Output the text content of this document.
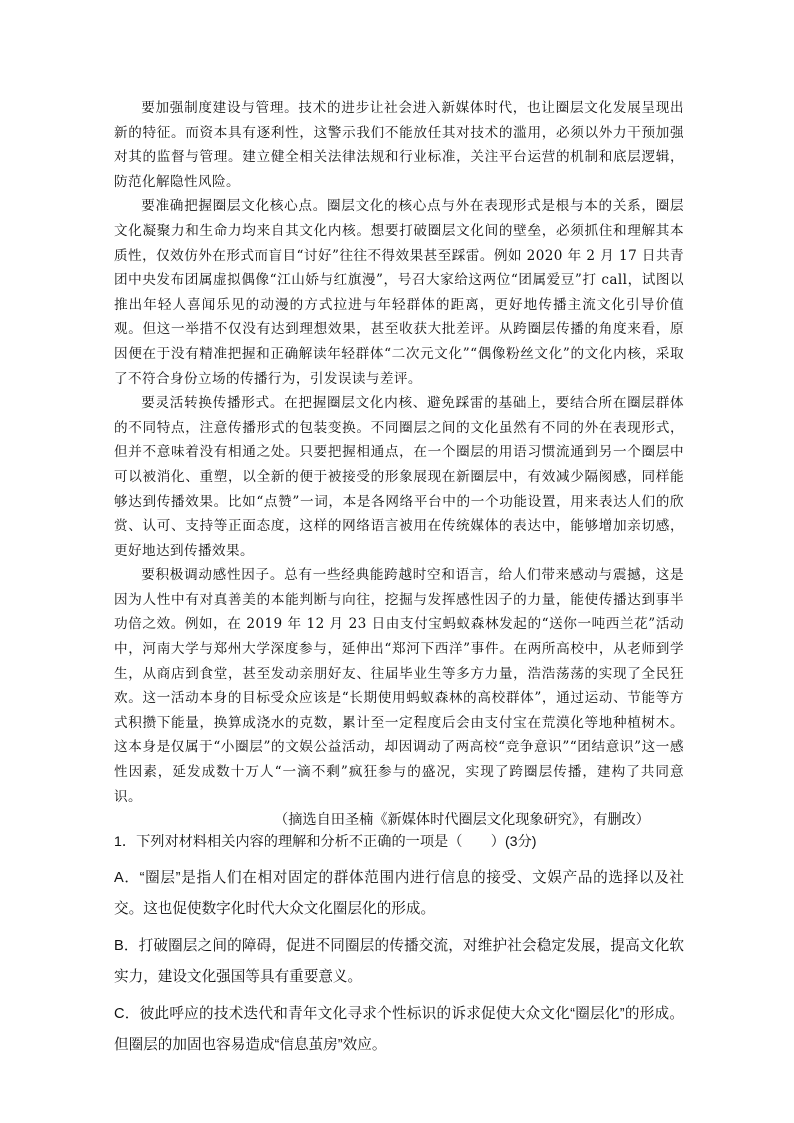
要加强制度建设与管理。技术的进步让社会进入新媒体时代，也让圈层文化发展呈现出新的特征。而资本具有逐利性，这警示我们不能放任其对技术的滥用，必须以外力干预加强对其的监督与管理。建立健全相关法律法规和行业标准，关注平台运营的机制和底层逻辑，防范化解隐性风险。

要准确把握圈层文化核心点。圈层文化的核心点与外在表现形式是根与本的关系，圈层文化凝聚力和生命力均来自其文化内核。想要打破圈层文化间的壁垒，必须抓住和理解其本质性，仅效仿外在形式而盲目“讨好”往往不得效果甚至踩雷。例如 2020 年 2 月 17 日共青团中央发布团属虚拟偶像“江山娇与红旗漫”，号召大家给这两位“团属爱豆”打 call，试图以推出年轻人喜闻乐见的动漫的方式拉进与年轻群体的距离，更好地传播主流文化引导价值观。但这一举措不仅没有达到理想效果，甚至收获大批差评。从跨圈层传播的角度来看，原因便在于没有精准把握和正确解读年轻群体“二次元文化”“偶像粉丝文化”的文化内核，采取了不符合身份立场的传播行为，引发误读与差评。

要灵活转换传播形式。在把握圈层文化内核、避免踩雷的基础上，要结合所在圈层群体的不同特点，注意传播形式的包装变换。不同圈层之间的文化虽然有不同的外在表现形式，但并不意味着没有相通之处。只要把握相通点，在一个圈层的用语习惯流通到另一个圈层中可以被消化、重塑，以全新的便于被接受的形象展现在新圈层中，有效减少隔阂感，同样能够达到传播效果。比如“点赞”一词，本是各网络平台中的一个功能设置，用来表达人们的欣赏、认可、支持等正面态度，这样的网络语言被用在传统媒体的表达中，能够增加亲切感，更好地达到传播效果。

要积极调动感性因子。总有一些经典能跨越时空和语言，给人们带来感动与震撼，这是因为人性中有对真善美的本能判断与向往，挖掘与发挥感性因子的力量，能使传播达到事半功倍之效。例如，在 2019 年 12 月 23 日由支付宝蚂蚁森林发起的“送你一吨西兰花”活动中，河南大学与郑州大学深度参与，延伸出“郑河下西洋”事件。在两所高校中，从老师到学生，从商店到食堂，甚至发动亲朋好友、往届毕业生等多方力量，浩浩荡荡的实现了全民狂欢。这一活动本身的目标受众应该是“长期使用蚂蚁森林的高校群体”，通过运动、节能等方式积攒下能量，换算成浇水的克数，累计至一定程度后会由支付宝在荒漠化等地种植树木。这本身是仅属于“小圈层”的文娱公益活动，却因调动了两高校“竞争意识”“团结意识”这一感性因素，延发成数十万人“一滴不剩”疯狂参与的盛况，实现了跨圈层传播，建构了共同意识。

（摘选自田圣楠《新媒体时代圈层文化现象研究》，有删改）

1．下列对材料相关内容的理解和分析不正确的一项是（　　）(3分)

A．“圈层”是指人们在相对固定的群体范围内进行信息的接受、文娱产品的选择以及社交。这也促使数字化时代大众文化圈层化的形成。

B．打破圈层之间的障碍，促进不同圈层的传播交流，对维护社会稳定发展，提高文化软实力，建设文化强国等具有重要意义。

C．彼此呼应的技术迭代和青年文化寻求个性标识的诉求促使大众文化“圈层化”的形成。但圈层的加固也容易造成“信息茧房”效应。
